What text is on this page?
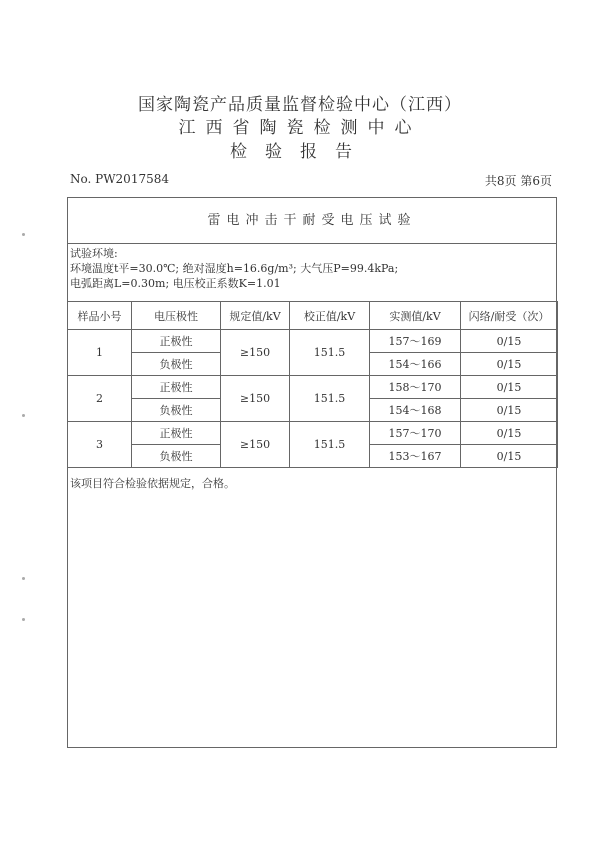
国家陶瓷产品质量监督检验中心（江西）
江西省陶瓷检测中心
检验报告
No. PW2017584	共8页 第6页
雷电冲击干耐受电压试验
试验环境:
环境温度t平=30.0℃; 绝对湿度h=16.6g/m³; 大气压P=99.4kPa;
电弧距离L=0.30m; 电压校正系数K=1.01
样品小号	电压极性	规定值/kV	校正值/kV	实测值/kV	闪络/耐受（次）
1	正极性	≥150	151.5	157～169	0/15
	负极性			154～166	0/15
2	正极性	≥150	151.5	158～170	0/15
	负极性			154～168	0/15
3	正极性	≥150	151.5	157～170	0/15
	负极性			153～167	0/15
该项目符合检验依据规定，合格。
